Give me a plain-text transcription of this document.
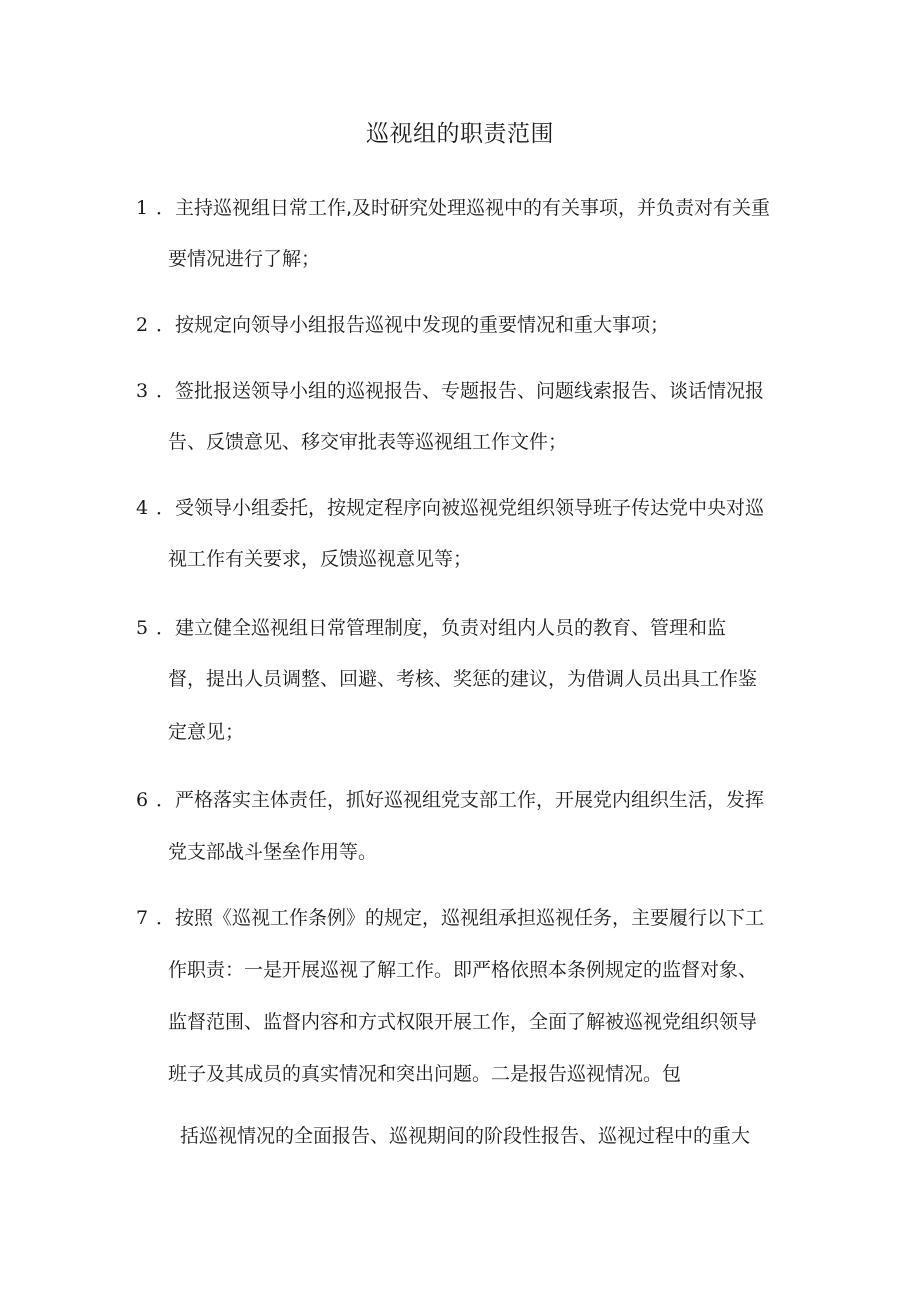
巡视组的职责范围
1 ．主持巡视组日常工作,及时研究处理巡视中的有关事项，并负责对有关重
要情况进行了解；
2 ．按规定向领导小组报告巡视中发现的重要情况和重大事项；
3 ．签批报送领导小组的巡视报告、专题报告、问题线索报告、谈话情况报
告、反馈意见、移交审批表等巡视组工作文件；
4 ．受领导小组委托，按规定程序向被巡视党组织领导班子传达党中央对巡
视工作有关要求，反馈巡视意见等；
5 ．建立健全巡视组日常管理制度，负责对组内人员的教育、管理和监
督，提出人员调整、回避、考核、奖惩的建议，为借调人员出具工作鉴
定意见；
6 ．严格落实主体责任，抓好巡视组党支部工作，开展党内组织生活，发挥
党支部战斗堡垒作用等。
7 ．按照《巡视工作条例》的规定，巡视组承担巡视任务，主要履行以下工
作职责：一是开展巡视了解工作。即严格依照本条例规定的监督对象、
监督范围、监督内容和方式权限开展工作，全面了解被巡视党组织领导
班子及其成员的真实情况和突出问题。二是报告巡视情况。包
括巡视情况的全面报告、巡视期间的阶段性报告、巡视过程中的重大
